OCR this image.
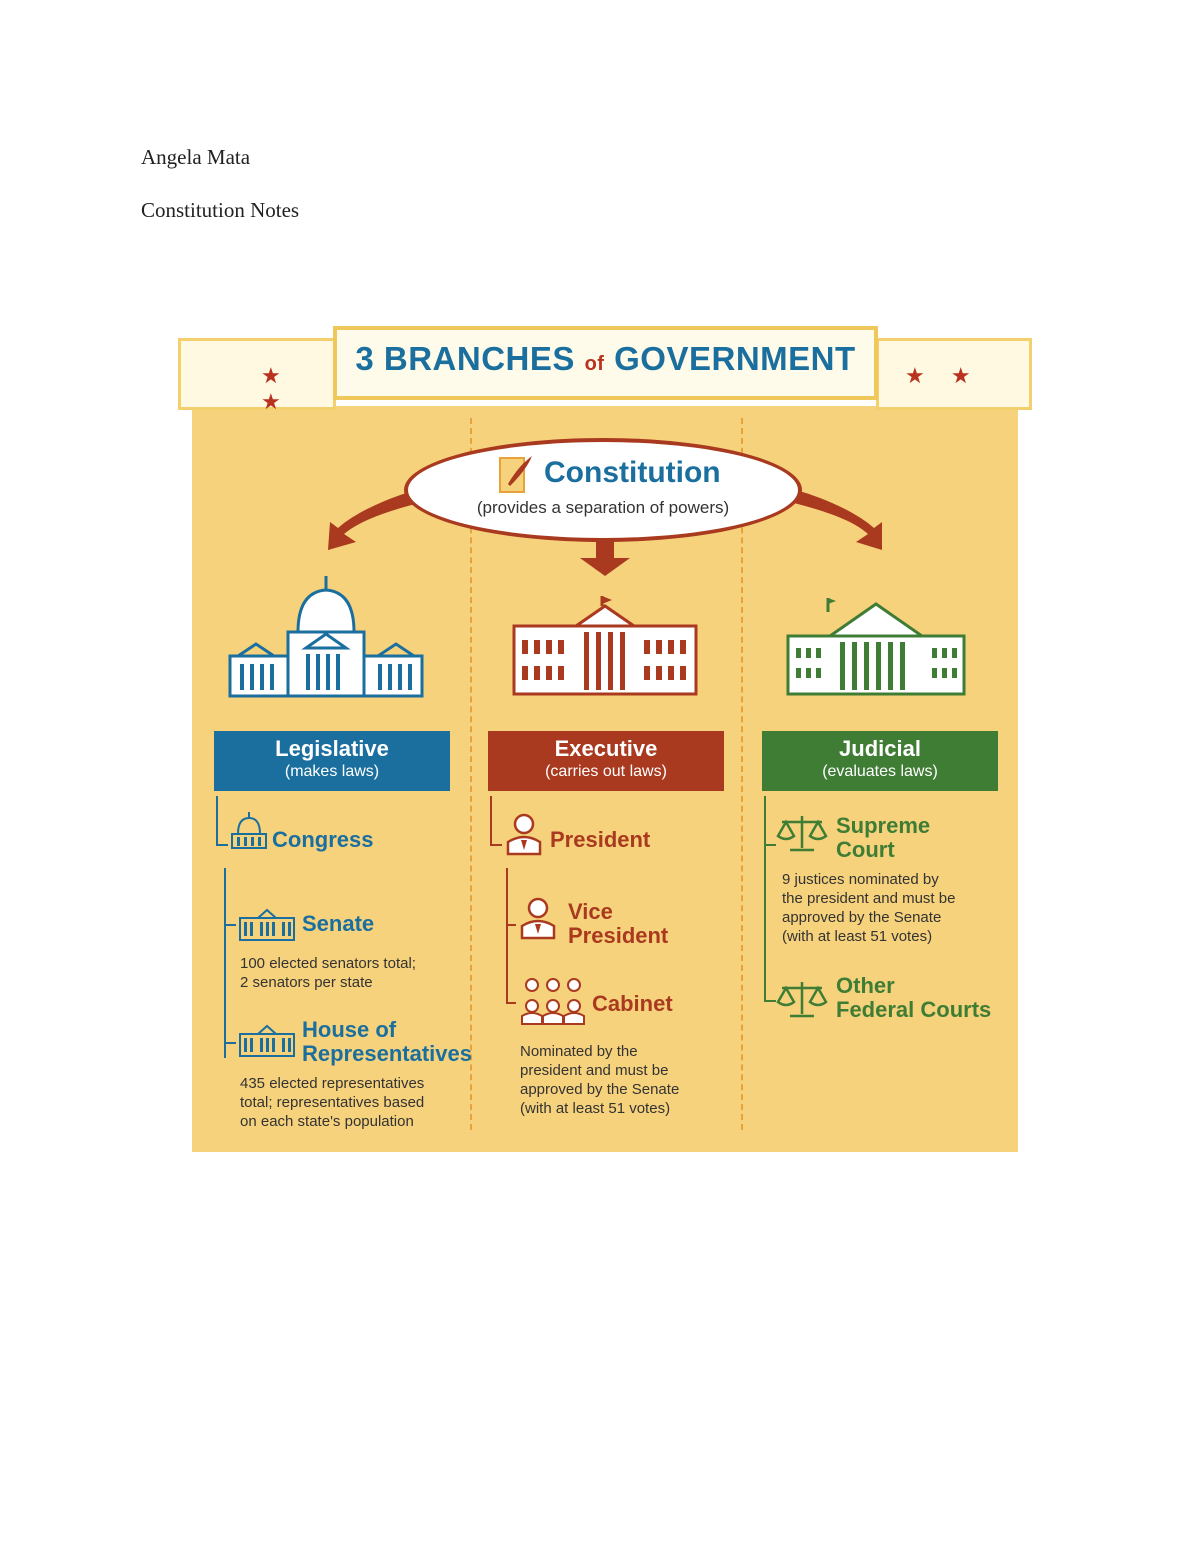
Angela Mata
Constitution Notes
★ ★
★ ★
3 BRANCHES of GOVERNMENT
Constitution
(provides a separation of powers)
Legislative
(makes laws)
Executive
(carries out laws)
Judicial
(evaluates laws)
Congress
Senate
100 elected senators total;
2 senators per state
House of
Representatives
435 elected representatives
total; representatives based
on each state's population
President
Vice
President
Cabinet
Nominated by the
president and must be
approved by the Senate
(with at least 51 votes)
Supreme
Court
9 justices nominated by
the president and must be
approved by the Senate
(with at least 51 votes)
Other
Federal Courts
